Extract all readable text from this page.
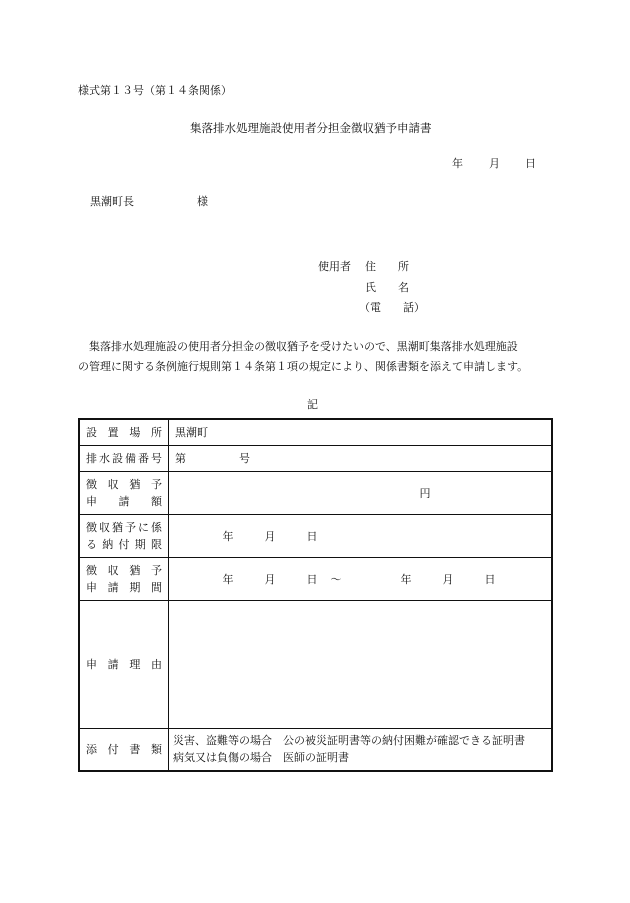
様式第１３号（第１４条関係）
集落排水処理施設使用者分担金徴収猶予申請書
年 月 日
黒潮町長	様
使用者 住　　所
氏　　名
（電　　話）
　集落排水処理施設の使用者分担金の徴収猶予を受けたいので、黒潮町集落排水処理施設
の管理に関する条例施行規則第１４条第１項の規定により、関係書類を添えて申請します。
記
設置場所	黒潮町

排水設備番号	第 号

徴収猶予
申請額	円

徴収猶予に係
る納付期限	年 月 日

徴収猶予
申請期間	年 月 日 ～ 年 月 日

申請理由	

添付書類	災害、盗難等の場合　公の被災証明書等の納付困難が確認できる証明書
病気又は負傷の場合　医師の証明書
